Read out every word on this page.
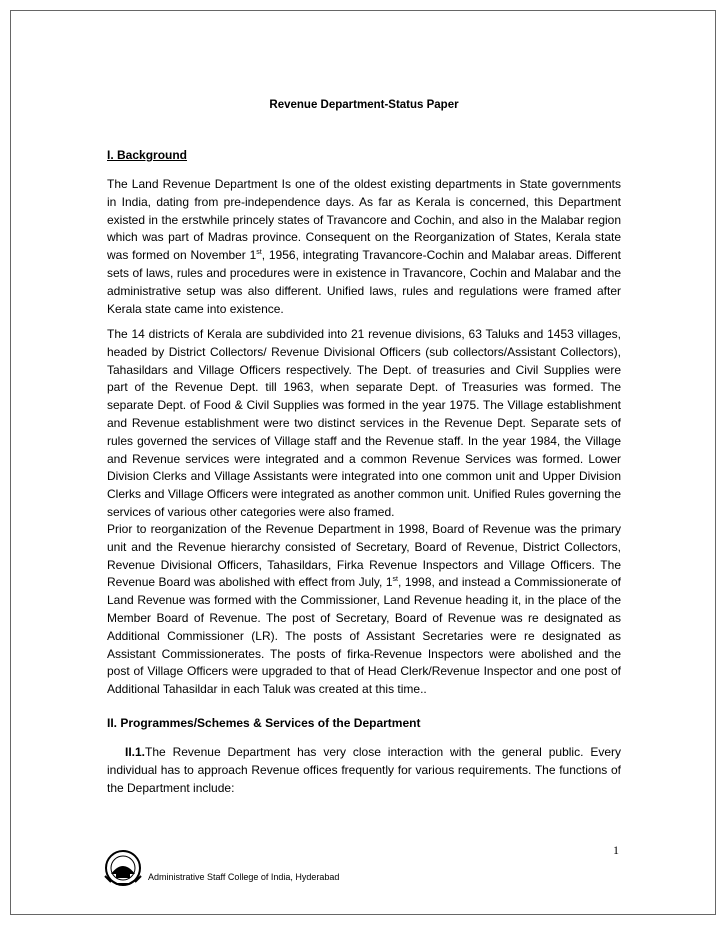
Revenue Department-Status Paper
I. Background

The Land Revenue Department Is one of the oldest existing departments in State governments in India, dating from pre-independence days. As far as Kerala is concerned, this Department existed in the erstwhile princely states of Travancore and Cochin, and also in the Malabar region which was part of Madras province. Consequent on the Reorganization of States, Kerala state was formed on November 1st, 1956, integrating Travancore-Cochin and Malabar areas. Different sets of laws, rules and procedures were in existence in Travancore, Cochin and Malabar and the administrative setup was also different. Unified laws, rules and regulations were framed after Kerala state came into existence.

The 14 districts of Kerala are subdivided into 21 revenue divisions, 63 Taluks and 1453 villages, headed by District Collectors/ Revenue Divisional Officers (sub collectors/Assistant Collectors), Tahasildars and Village Officers respectively. The Dept. of treasuries and Civil Supplies were part of the Revenue Dept. till 1963, when separate Dept. of Treasuries was formed. The separate Dept. of Food & Civil Supplies was formed in the year 1975. The Village establishment and Revenue establishment were two distinct services in the Revenue Dept. Separate sets of rules governed the services of Village staff and the Revenue staff. In the year 1984, the Village and Revenue services were integrated and a common Revenue Services was formed. Lower Division Clerks and Village Assistants were integrated into one common unit and Upper Division Clerks and Village Officers were integrated as another common unit. Unified Rules governing the services of various other categories were also framed.

Prior to reorganization of the Revenue Department in 1998, Board of Revenue was the primary unit and the Revenue hierarchy consisted of Secretary, Board of Revenue, District Collectors, Revenue Divisional Officers, Tahasildars, Firka Revenue Inspectors and Village Officers. The Revenue Board was abolished with effect from July, 1st, 1998, and instead a Commissionerate of Land Revenue was formed with the Commissioner, Land Revenue heading it, in the place of the Member Board of Revenue. The post of Secretary, Board of Revenue was re designated as Additional Commissioner (LR). The posts of Assistant Secretaries were re designated as Assistant Commissionerates. The posts of firka-Revenue Inspectors were abolished and the post of Village Officers were upgraded to that of Head Clerk/Revenue Inspector and one post of Additional Tahasildar in each Taluk was created at this time..

II. Programmes/Schemes & Services of the Department

II.1.The Revenue Department has very close interaction with the general public. Every individual has to approach Revenue offices frequently for various requirements. The functions of the Department include:

1
Administrative Staff College of India, Hyderabad
